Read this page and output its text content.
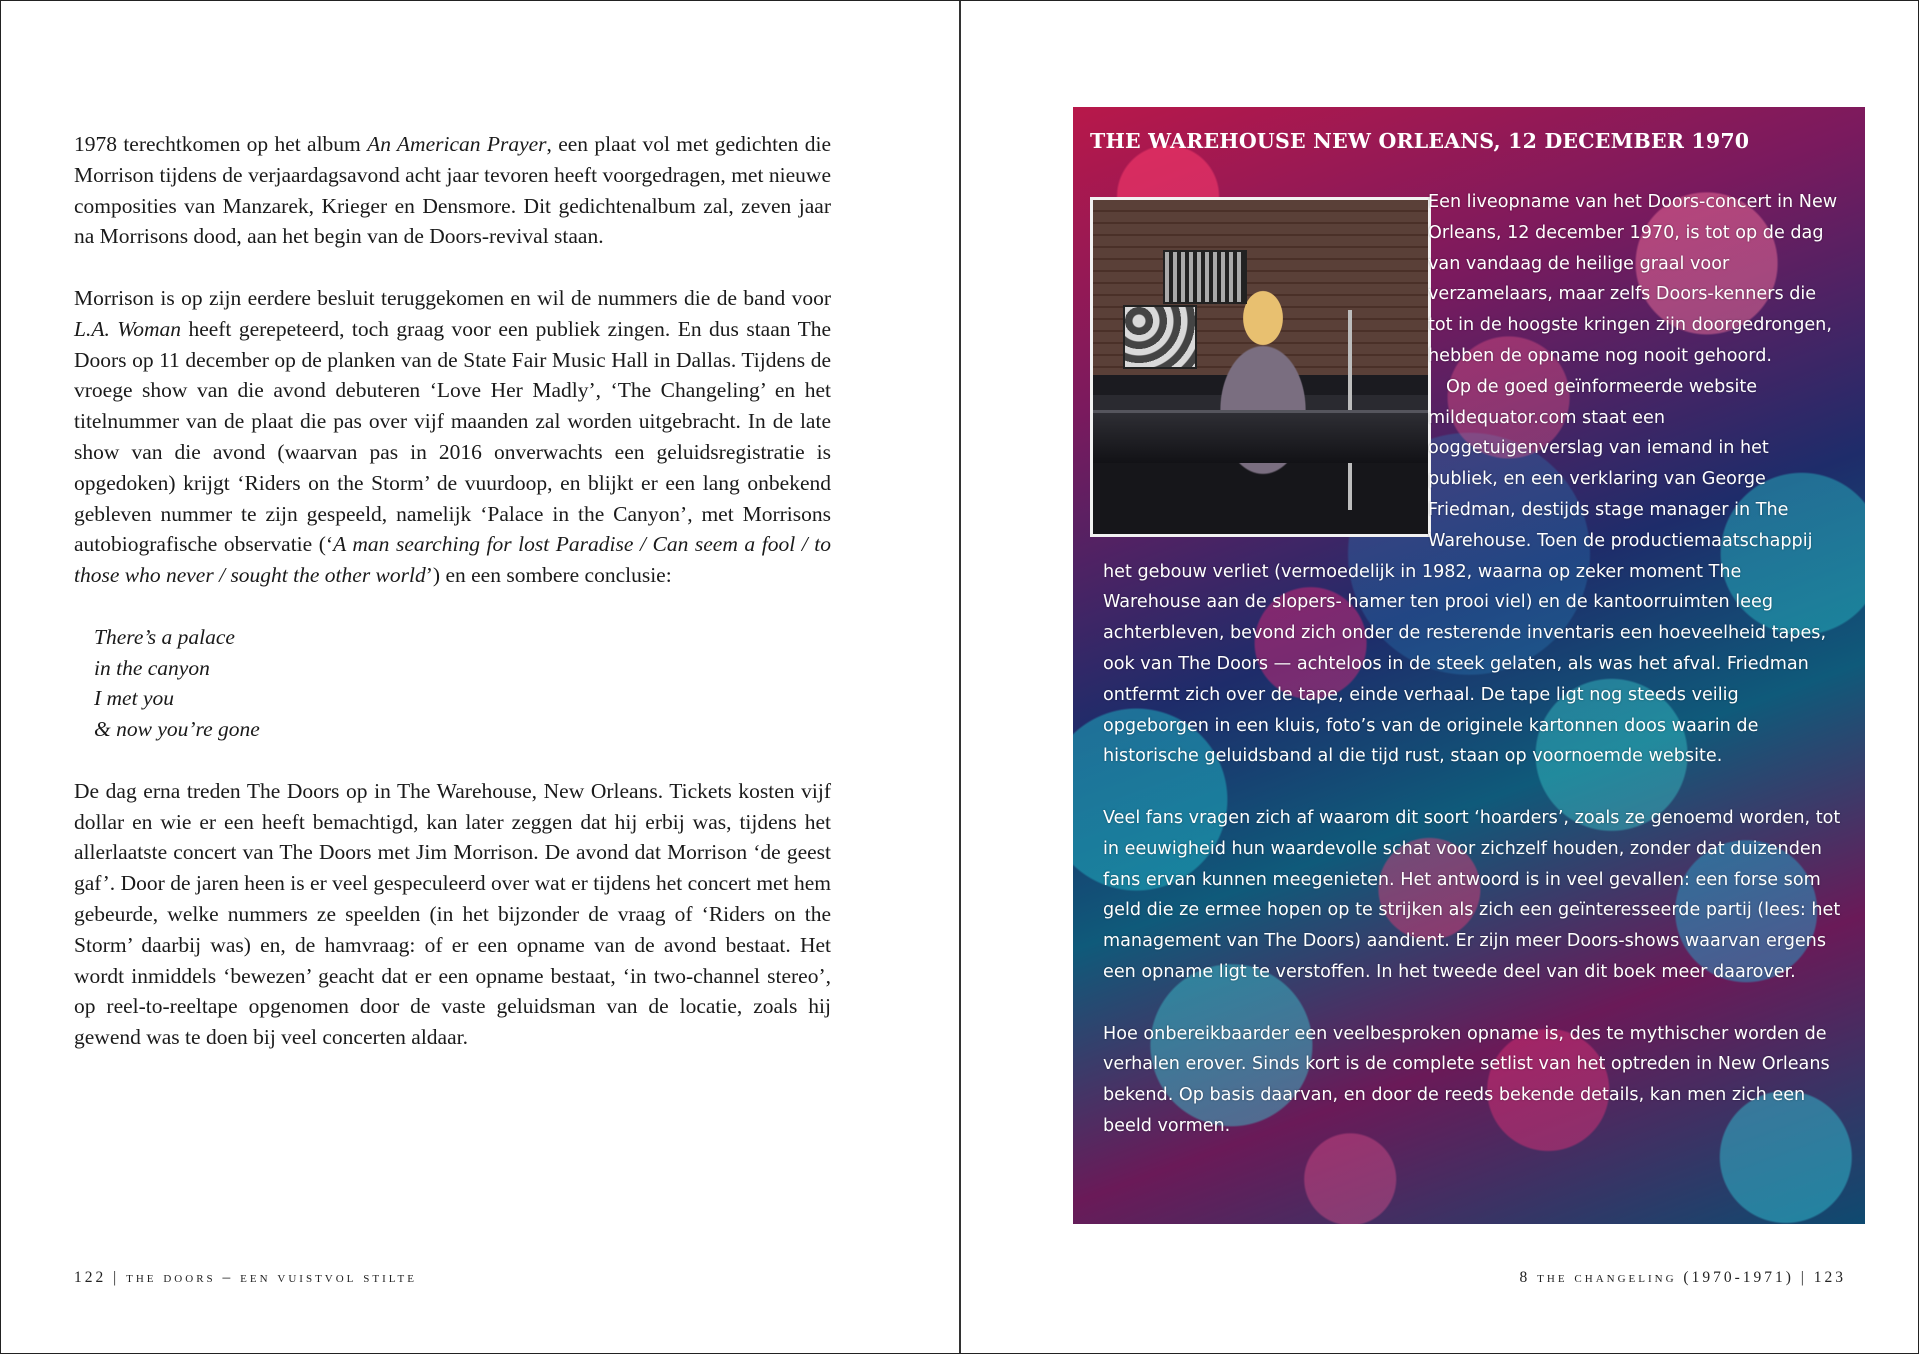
1978 terechtkomen op het album An American Prayer, een plaat vol met gedichten die Morrison tijdens de verjaardagsavond acht jaar tevoren heeft voorgedragen, met nieuwe composities van Manzarek, Krieger en Densmore. Dit gedichtenalbum zal, zeven jaar na Morrisons dood, aan het begin van de Doors-revival staan.

Morrison is op zijn eerdere besluit teruggekomen en wil de nummers die de band voor L.A. Woman heeft gerepeteerd, toch graag voor een publiek zingen. En dus staan The Doors op 11 december op de planken van de State Fair Music Hall in Dallas. Tijdens de vroege show van die avond debuteren ‘Love Her Madly’, ‘The Changeling’ en het titelnummer van de plaat die pas over vijf maanden zal worden uitgebracht. In de late show van die avond (waarvan pas in 2016 onverwachts een geluidsregistratie is opgedoken) krijgt ‘Riders on the Storm’ de vuurdoop, en blijkt er een lang onbekend gebleven nummer te zijn gespeeld, namelijk ‘Palace in the Canyon’, met Morrisons autobiografische observatie (‘A man searching for lost Paradise / Can seem a fool / to those who never / sought the other world’) en een sombere conclusie:

There’s a palace
in the canyon
I met you
& now you’re gone

De dag erna treden The Doors op in The Warehouse, New Orleans. Tickets kosten vijf dollar en wie er een heeft bemachtigd, kan later zeggen dat hij erbij was, tijdens het allerlaatste concert van The Doors met Jim Morrison. De avond dat Morrison ‘de geest gaf’. Door de jaren heen is er veel gespeculeerd over wat er tijdens het concert met hem gebeurde, welke nummers ze speelden (in het bijzonder de vraag of ‘Riders on the Storm’ daarbij was) en, de hamvraag: of er een opname van de avond bestaat. Het wordt inmiddels ‘bewezen’ geacht dat er een opname bestaat, ‘in two-channel stereo’, op reel-to-reeltape opgenomen door de vaste geluidsman van de locatie, zoals hij gewend was te doen bij veel concerten aldaar.

122 | the doors – een vuistvol stilte
THE WAREHOUSE NEW ORLEANS, 12 DECEMBER 1970

Een liveopname van het Doors-concert in New Orleans, 12 december 1970, is tot op de dag van vandaag de heilige graal voor verzamelaars, maar zelfs Doors-kenners die tot in de hoogste kringen zijn doorgedrongen, hebben de opname nog nooit gehoord.

Op de goed geïnformeerde website mildequator.com staat een ooggetuigenverslag van iemand in het publiek, en een verklaring van George Friedman, destijds stage manager in The Warehouse. Toen de productiemaatschappij het gebouw verliet (vermoedelijk in 1982, waarna op zeker moment The Warehouse aan de slopers- hamer ten prooi viel) en de kantoorruimten leeg achterbleven, bevond zich onder de resterende inventaris een hoeveelheid tapes, ook van The Doors — achteloos in de steek gelaten, als was het afval. Friedman ontfermt zich over de tape, einde verhaal. De tape ligt nog steeds veilig opgeborgen in een kluis, foto’s van de originele kartonnen doos waarin de historische geluidsband al die tijd rust, staan op voornoemde website.

Veel fans vragen zich af waarom dit soort ‘hoarders’, zoals ze genoemd worden, tot in eeuwigheid hun waardevolle schat voor zichzelf houden, zonder dat duizenden fans ervan kunnen meegenieten. Het antwoord is in veel gevallen: een forse som geld die ze ermee hopen op te strijken als zich een geïnteresseerde partij (lees: het management van The Doors) aandient. Er zijn meer Doors-shows waarvan ergens een opname ligt te verstoffen. In het tweede deel van dit boek meer daarover.

Hoe onbereikbaarder een veelbesproken opname is, des te mythischer worden de verhalen erover. Sinds kort is de complete setlist van het optreden in New Orleans bekend. Op basis daarvan, en door de reeds bekende details, kan men zich een beeld vormen.

8 the changeling (1970-1971) | 123
